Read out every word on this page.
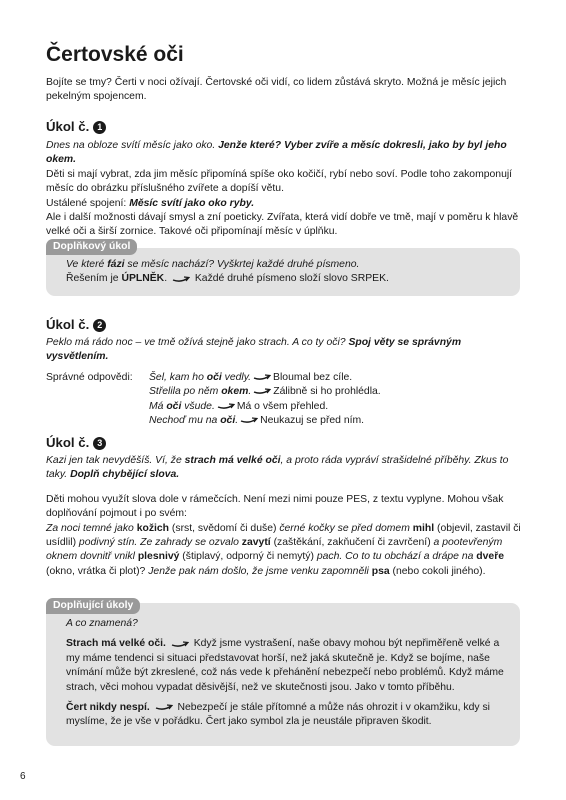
Čertovské oči

Bojíte se tmy? Čerti v noci ožívají. Čertovské oči vidí, co lidem zůstává skryto. Možná je měsíc jejich pekelným spojencem.

Úkol č. 1

Dnes na obloze svítí měsíc jako oko. Jenže které? Vyber zvíře a měsíc dokresli, jako by byl jeho okem.

Děti si mají vybrat, zda jim měsíc připomíná spíše oko kočičí, rybí nebo soví. Podle toho zakomponují měsíc do obrázku příslušného zvířete a dopíší větu.

Ustálené spojení: Měsíc svítí jako oko ryby.

Ale i další možnosti dávají smysl a zní poeticky. Zvířata, která vidí dobře ve tmě, mají v poměru k hlavě velké oči a širší zornice. Takové oči připomínají měsíc v úplňku.

Ve které fázi se měsíc nachází? Vyškrtej každé druhé písmeno.

Řešením je ÚPLNĚK.	Každé druhé písmeno složí slovo SRPEK.

Doplňkový úkol
Úkol č. 2

Peklo má rádo noc – ve tmě ožívá stejně jako strach. A co ty oči? Spoj věty se správným vysvětlením.

Správné odpovědi:	Šel, kam ho oči vedly. Bloumal bez cíle.

Střelila po něm okem. Zálibně si ho prohlédla.

Má oči všude. Má o všem přehled.

Nechoď mu na oči. Neukazuj se před ním.

Úkol č. 3

Kazi jen tak nevyděšíš. Ví, že strach má velké oči, a proto ráda vypráví strašidelné příběhy. Zkus to taky. Doplň chybějící slova.

Děti mohou využít slova dole v rámečcích. Není mezi nimi pouze PES, z textu vyplyne. Mohou však doplňování pojmout i po svém:

Za noci temné jako kožich (srst, svědomí či duše) černé kočky se před domem mihl (objevil, zastavil či usídlil) podivný stín. Ze zahrady se ozvalo zavytí (zaštěkání, zakňučení či zavrčení) a pootevřeným oknem dovnitř vnikl plesnivý (štiplavý, odporný či nemytý) pach. Co to tu obchází a drápe na dveře (okno, vrátka či plot)? Jenže pak nám došlo, že jsme venku zapomněli psa (nebo cokoli jiného).

A co znamená?

Strach má velké oči.	Když jsme vystrašení, naše obavy mohou být nepřiměřeně velké a my máme tendenci si situaci představovat horší, než jaká skutečně je. Když se bojíme, naše vnímání může být zkreslené, což nás vede k přehánění nebezpečí nebo problémů. Když máme strach, věci mohou vypadat děsivější, než ve skutečnosti jsou. Jako v tomto příběhu.

Čert nikdy nespí.	Nebezpečí je stále přítomné a může nás ohrozit i v okamžiku, kdy si myslíme, že je vše v pořádku. Čert jako symbol zla je neustále připraven škodit.

Doplňující úkoly
6
